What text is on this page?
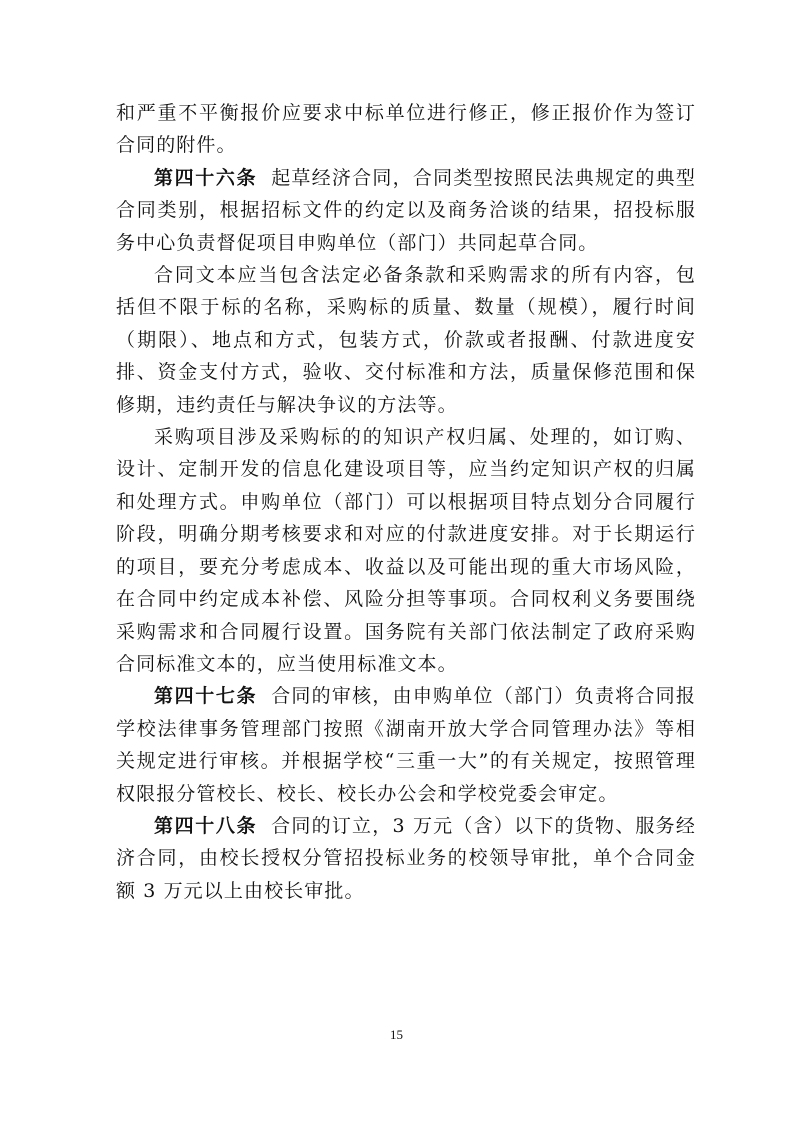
和严重不平衡报价应要求中标单位进行修正，修正报价作为签订合同的附件。

第四十六条 起草经济合同，合同类型按照民法典规定的典型合同类别，根据招标文件的约定以及商务洽谈的结果，招投标服务中心负责督促项目申购单位（部门）共同起草合同。

合同文本应当包含法定必备条款和采购需求的所有内容，包括但不限于标的名称，采购标的质量、数量（规模），履行时间（期限）、地点和方式，包装方式，价款或者报酬、付款进度安排、资金支付方式，验收、交付标准和方法，质量保修范围和保修期，违约责任与解决争议的方法等。

采购项目涉及采购标的的知识产权归属、处理的，如订购、设计、定制开发的信息化建设项目等，应当约定知识产权的归属和处理方式。申购单位（部门）可以根据项目特点划分合同履行阶段，明确分期考核要求和对应的付款进度安排。对于长期运行的项目，要充分考虑成本、收益以及可能出现的重大市场风险，在合同中约定成本补偿、风险分担等事项。合同权利义务要围绕采购需求和合同履行设置。国务院有关部门依法制定了政府采购合同标准文本的，应当使用标准文本。

第四十七条 合同的审核，由申购单位（部门）负责将合同报学校法律事务管理部门按照《湖南开放大学合同管理办法》等相关规定进行审核。并根据学校“三重一大”的有关规定，按照管理权限报分管校长、校长、校长办公会和学校党委会审定。

第四十八条 合同的订立，3 万元（含）以下的货物、服务经济合同，由校长授权分管招投标业务的校领导审批，单个合同金额 3 万元以上由校长审批。

15
